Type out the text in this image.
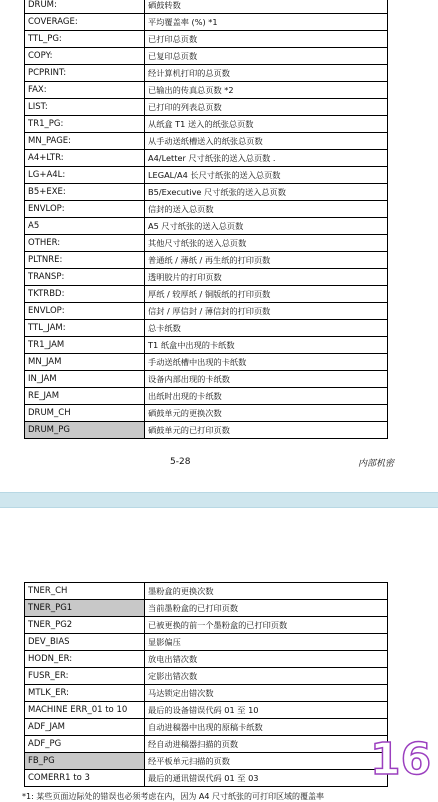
DRUM:	硒鼓转数
COVERAGE:	平均覆盖率 (%) *1
TTL_PG:	已打印总页数
COPY:	已复印总页数
PCPRINT:	经计算机打印的总页数
FAX:	已输出的传真总页数 *2
LIST:	已打印的列表总页数
TR1_PG:	从纸盒 T1 送入的纸张总页数
MN_PAGE:	从手动送纸槽送入的纸张总页数
A4+LTR:	A4/Letter 尺寸纸张的送入总页数 .
LG+A4L:	LEGAL/A4 长尺寸纸张的送入总页数
B5+EXE:	B5/Executive 尺寸纸张的送入总页数
ENVLOP:	信封的送入总页数
A5	A5 尺寸纸张的送入总页数
OTHER:	其他尺寸纸张的送入总页数
PLTNRE:	普通纸 / 薄纸 / 再生纸的打印页数
TRANSP:	透明胶片的打印页数
TKTRBD:	厚纸 / 较厚纸 / 铜版纸的打印页数
ENVLOP:	信封 / 厚信封 / 薄信封的打印页数
TTL_JAM:	总卡纸数
TR1_JAM	T1 纸盒中出现的卡纸数
MN_JAM	手动送纸槽中出现的卡纸数
IN_JAM	设备内部出现的卡纸数
RE_JAM	出纸时出现的卡纸数
DRUM_CH	硒鼓单元的更换次数
DRUM_PG	硒鼓单元的已打印页数
5-28	内部机密
TNER_CH	墨粉盒的更换次数
TNER_PG1	当前墨粉盒的已打印页数
TNER_PG2	已被更换的前一个墨粉盒的已打印页数
DEV_BIAS	显影偏压
HODN_ER:	放电出错次数
FUSR_ER:	定影出错次数
MTLK_ER:	马达锁定出错次数
MACHINE ERR_01 to 10	最后的设备错误代码 01 至 10
ADF_JAM	自动进稿器中出现的原稿卡纸数
ADF_PG	经自动进稿器扫描的页数
FB_PG	经平板单元扫描的页数
COMERR1 to 3	最后的通讯错误代码 01 至 03	16
*1: 某些页面边际处的错误也必须考虑在内，因为 A4 尺寸纸张的可打印区域的覆盖率
